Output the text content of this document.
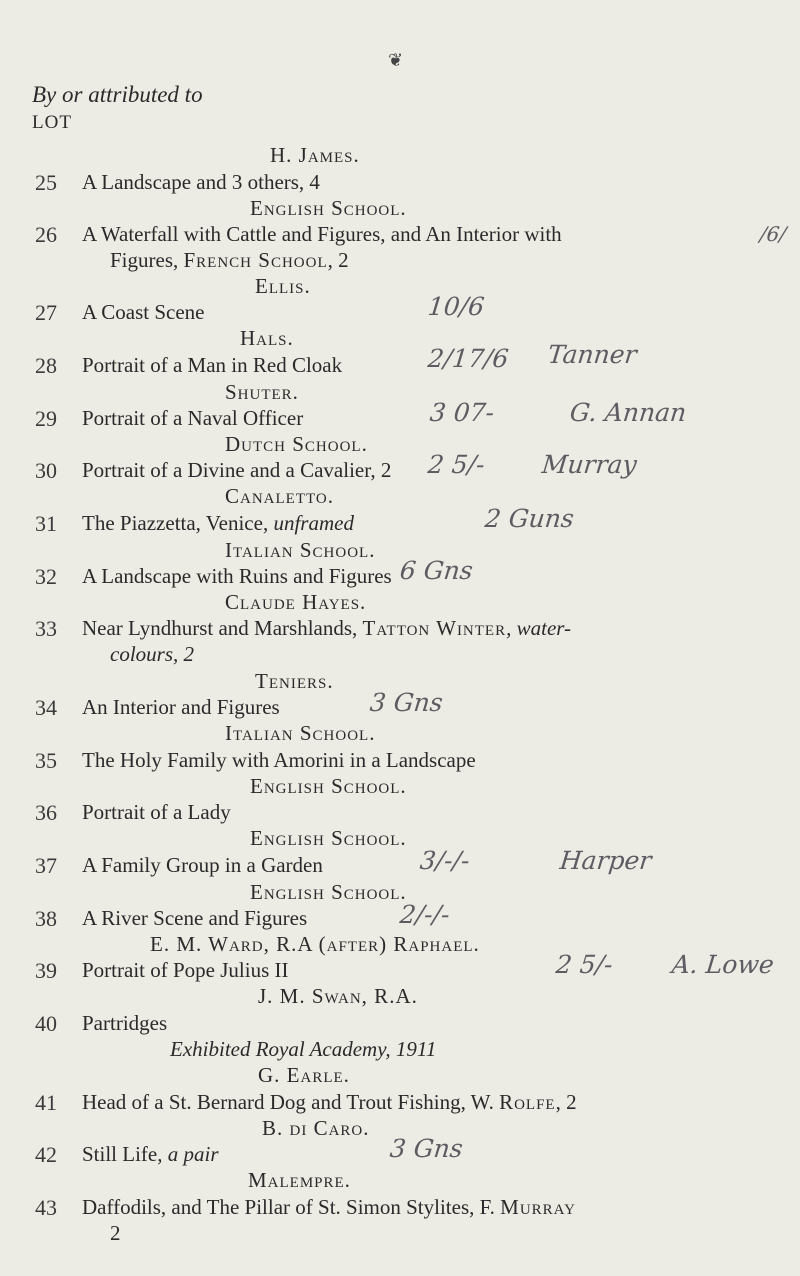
❦
By or attributed to
LOT
H. James.
25 A Landscape and 3 others, 4
English School.
26 A Waterfall with Cattle and Figures, and An Interior with
Figures, French School, 2
Ellis.
27 A Coast Scene
Hals.
28 Portrait of a Man in Red Cloak
Shuter.
29 Portrait of a Naval Officer
Dutch School.
30 Portrait of a Divine and a Cavalier, 2
Canaletto.
31 The Piazzetta, Venice, unframed
Italian School.
32 A Landscape with Ruins and Figures
Claude Hayes.
33 Near Lyndhurst and Marshlands, Tatton Winter, water-
colours, 2
Teniers.
34 An Interior and Figures
Italian School.
35 The Holy Family with Amorini in a Landscape
English School.
36 Portrait of a Lady
English School.
37 A Family Group in a Garden
English School.
38 A River Scene and Figures
E. M. Ward, R.A (after) Raphael.
39 Portrait of Pope Julius II
J. M. Swan, R.A.
40 Partridges
Exhibited Royal Academy, 1911
G. Earle.
41 Head of a St. Bernard Dog and Trout Fishing, W. Rolfe, 2
B. di Caro.
42 Still Life, a pair
Malempre.
43 Daffodils, and The Pillar of St. Simon Stylites, F. Murray
2
/6/
10/6
2/17/6 Tanner
3 07-	G. Annan
2 5/- Murray
2 Guns
6 Gns
3 Gns
3/-/-	Harper
2/-/-
2 5/- A. Lowe
3 Gns
